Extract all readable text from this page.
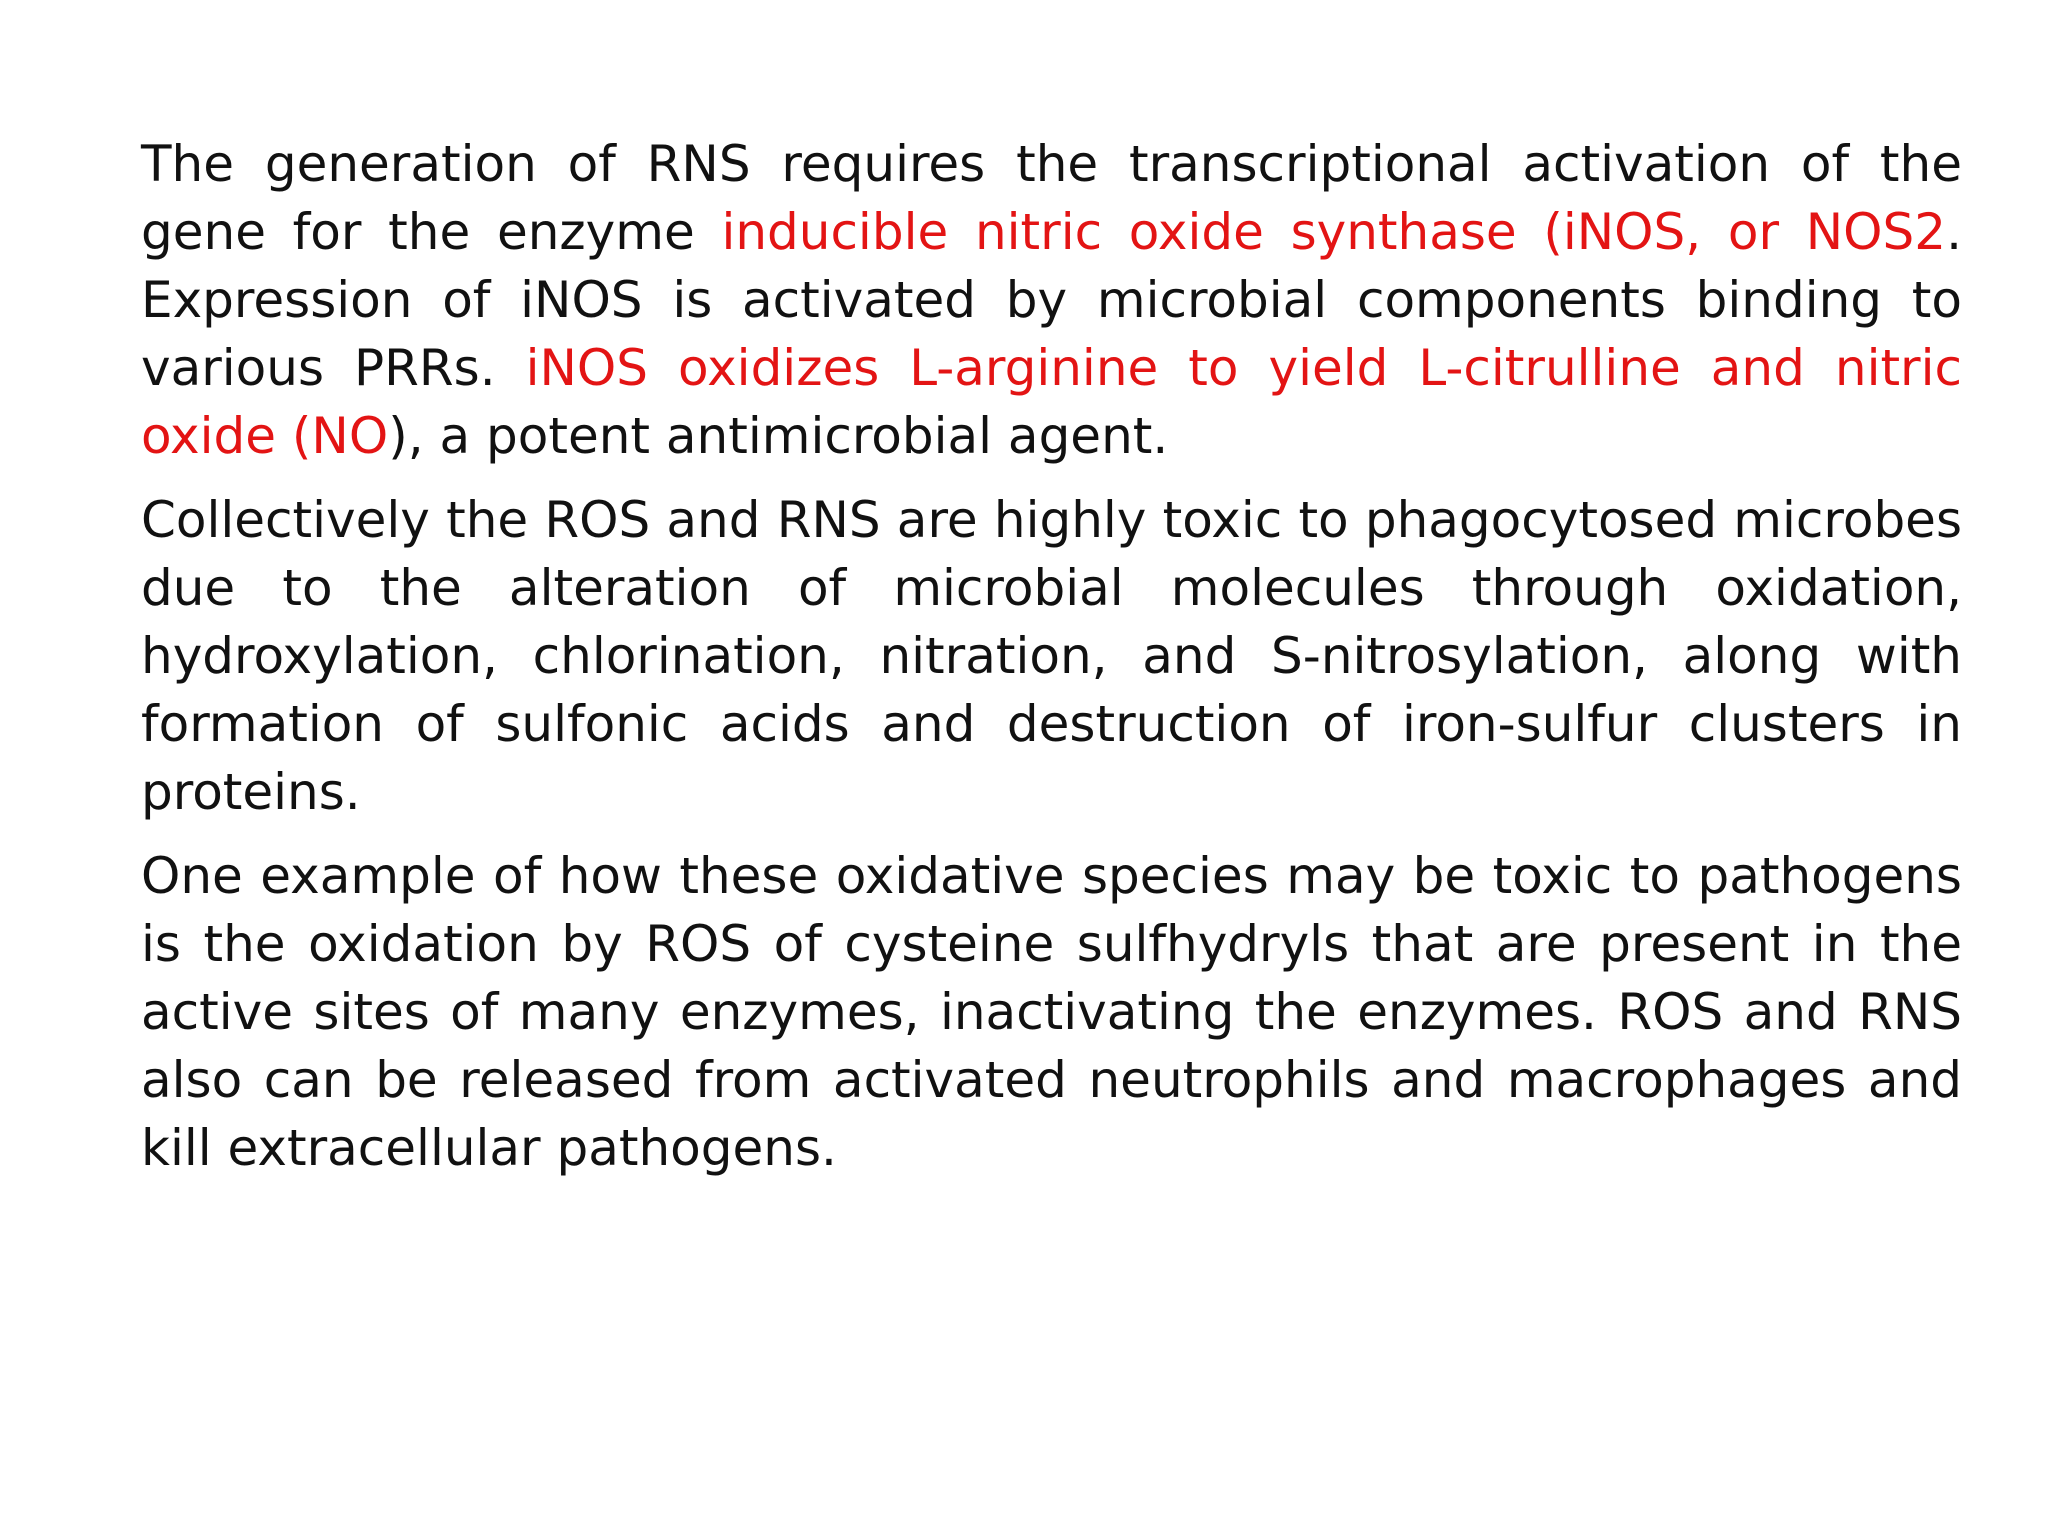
The generation of RNS requires the transcriptional activation of the gene for the enzyme inducible nitric oxide synthase (iNOS, or NOS2. Expression of iNOS is activated by microbial components binding to various PRRs. iNOS oxidizes L-arginine to yield L-citrulline and nitric oxide (NO), a potent antimicrobial agent.

Collectively the ROS and RNS are highly toxic to phagocytosed microbes due to the alteration of microbial molecules through oxidation, hydroxylation, chlorination, nitration, and S-nitrosylation, along with formation of sulfonic acids and destruction of iron-sulfur clusters in proteins.

One example of how these oxidative species may be toxic to pathogens is the oxidation by ROS of cysteine sulfhydryls that are present in the active sites of many enzymes, inactivating the enzymes. ROS and RNS also can be released from activated neutrophils and macrophages and kill extracellular pathogens.
